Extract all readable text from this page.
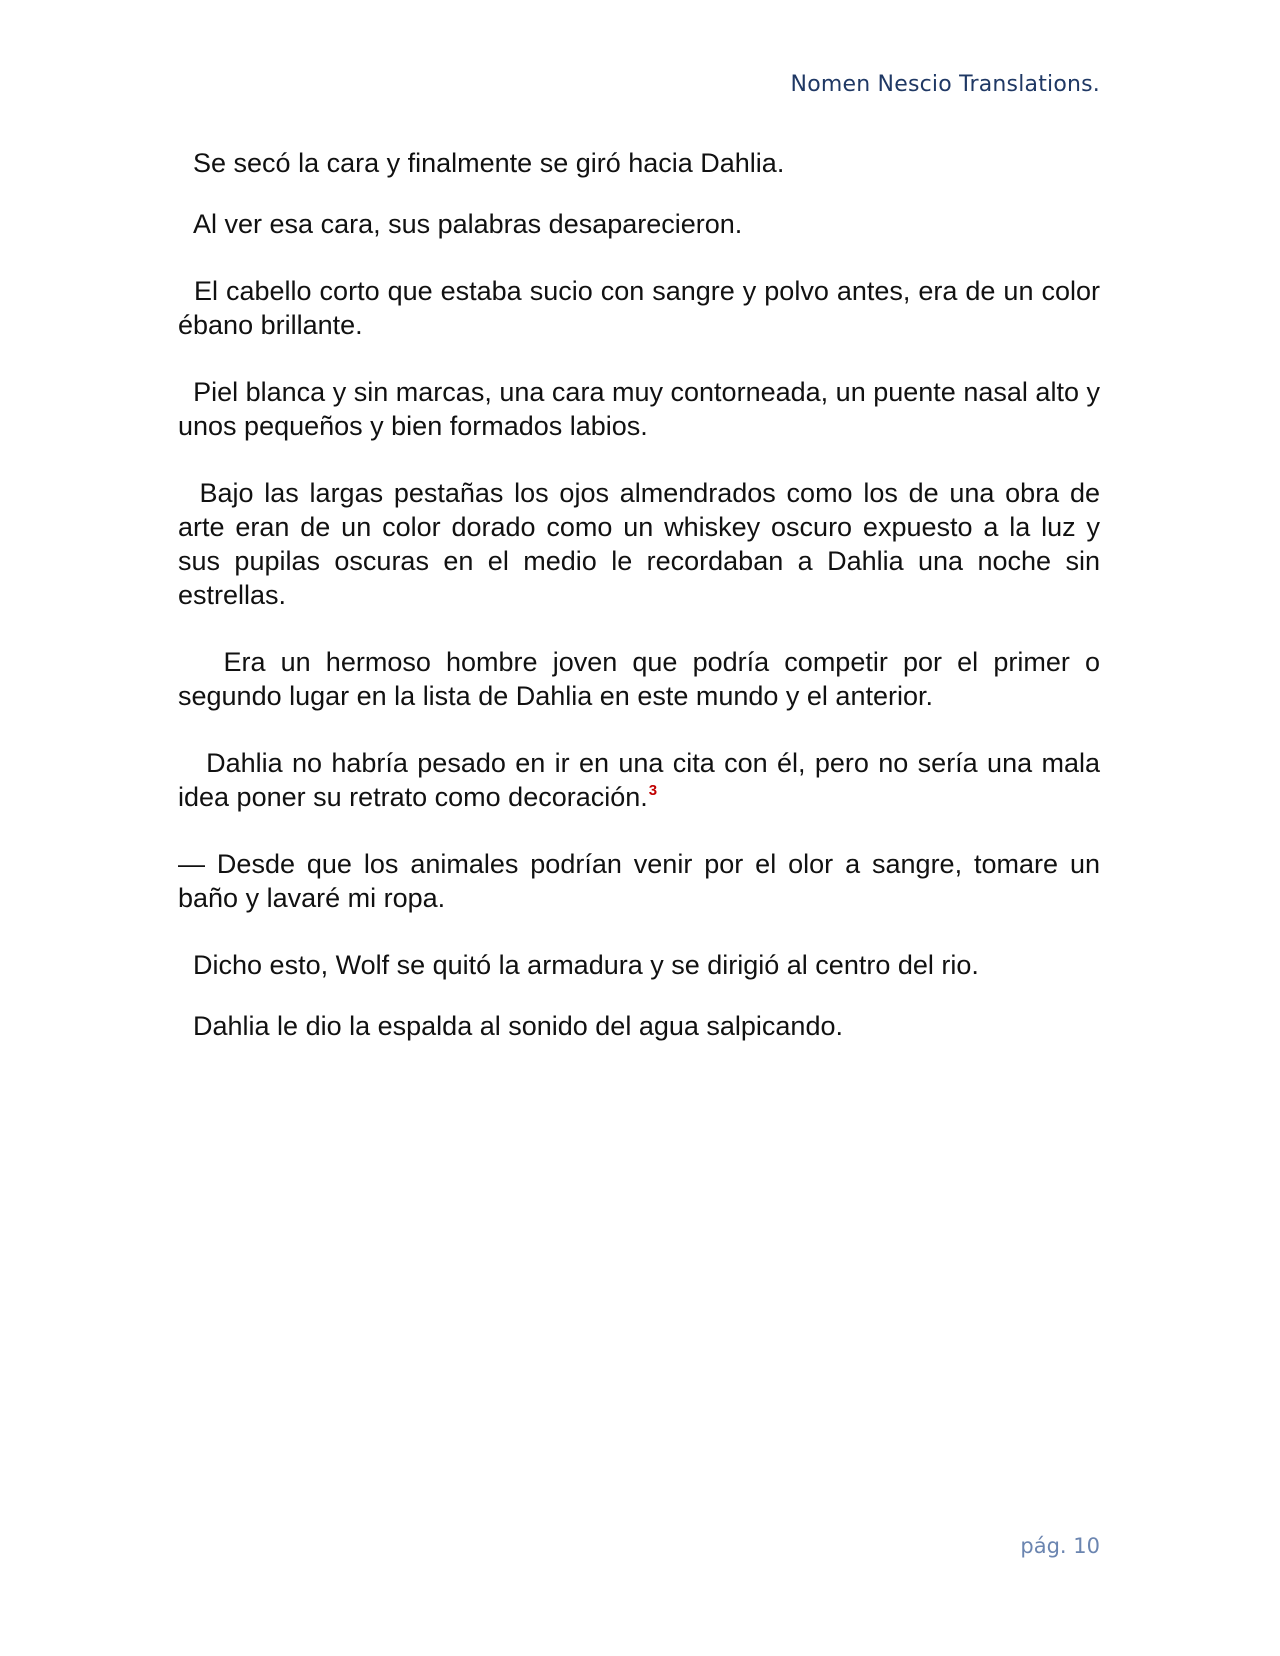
Nomen Nescio Translations.

Se secó la cara y finalmente se giró hacia Dahlia.

Al ver esa cara, sus palabras desaparecieron.

El cabello corto que estaba sucio con sangre y polvo antes, era de un color ébano brillante.

Piel blanca y sin marcas, una cara muy contorneada, un puente nasal alto y unos pequeños y bien formados labios.

Bajo las largas pestañas los ojos almendrados como los de una obra de arte eran de un color dorado como un whiskey oscuro expuesto a la luz y sus pupilas oscuras en el medio le recordaban a Dahlia una noche sin estrellas.

Era un hermoso hombre joven que podría competir por el primer o segundo lugar en la lista de Dahlia en este mundo y el anterior.

Dahlia no habría pesado en ir en una cita con él, pero no sería una mala idea poner su retrato como decoración.$^3$

— Desde que los animales podrían venir por el olor a sangre, tomare un baño y lavaré mi ropa.

Dicho esto, Wolf se quitó la armadura y se dirigió al centro del rio.

Dahlia le dio la espalda al sonido del agua salpicando.

pág. 10
